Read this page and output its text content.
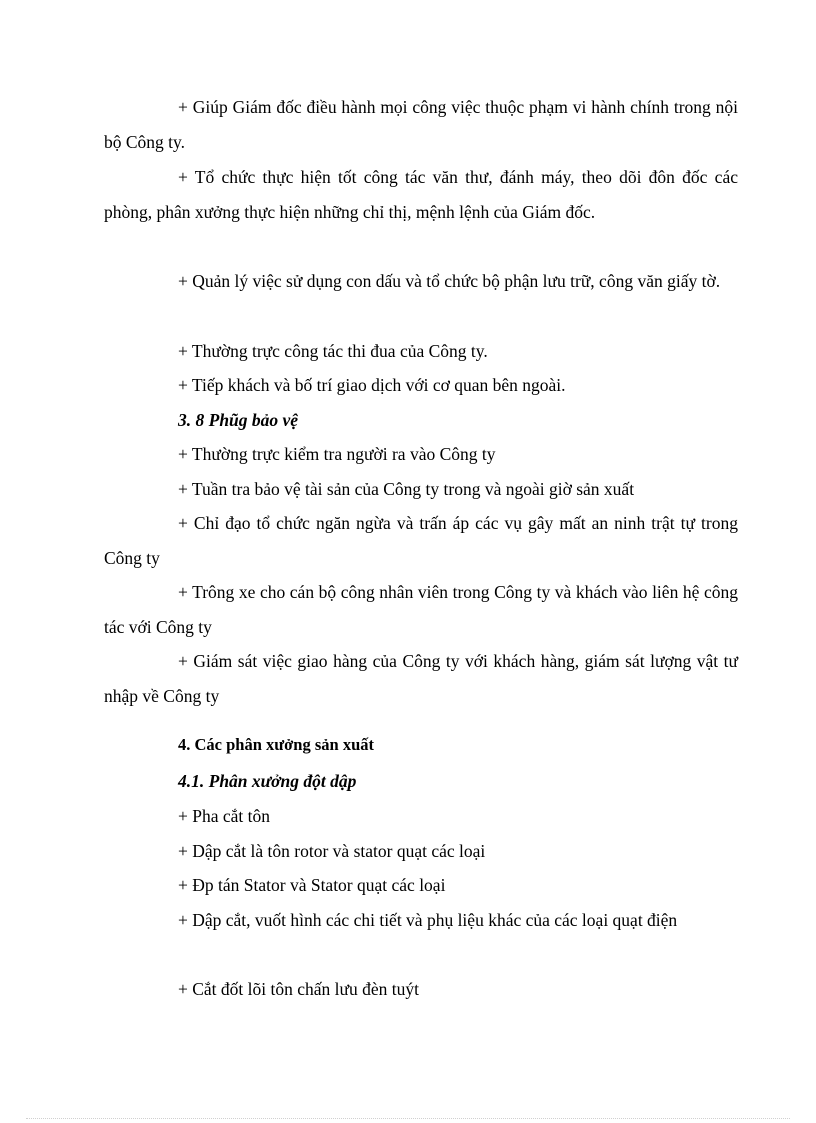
+ Giúp Giám đốc điều hành mọi công việc thuộc phạm vi hành chính trong nội bộ Công ty.

+ Tổ chức thực hiện tốt công tác văn thư, đánh máy, theo dõi đôn đốc các phòng, phân xưởng thực hiện những chỉ thị, mệnh lệnh của Giám đốc.

+ Quản lý việc sử dụng con dấu và tổ chức bộ phận lưu trữ, công văn giấy tờ.

+ Thường trực công tác thi đua của Công ty.

+ Tiếp khách và bố trí giao dịch với cơ quan bên ngoài.

3. 8 Phũg bảo vệ

+ Thường trực kiểm tra người ra vào Công ty

+ Tuần tra bảo vệ tài sản của Công ty trong và ngoài giờ sản xuất

+ Chỉ đạo tổ chức ngăn ngừa và trấn áp các vụ gây mất an ninh trật tự trong Công ty

+ Trông xe cho cán bộ công nhân viên trong Công ty và khách vào liên hệ công tác với Công ty

+ Giám sát việc giao hàng của Công ty với khách hàng, giám sát lượng vật tư nhập về Công ty

4. Các phân xưởng sản xuất

4.1. Phân xưởng đột dập

+ Pha cắt tôn

+ Dập cắt là tôn rotor và stator quạt các loại

+ Đp tán Stator và Stator quạt các loại

+ Dập cắt, vuốt hình các chi tiết và phụ liệu khác của các loại quạt điện

+ Cắt đốt lõi tôn chấn lưu đèn tuýt
